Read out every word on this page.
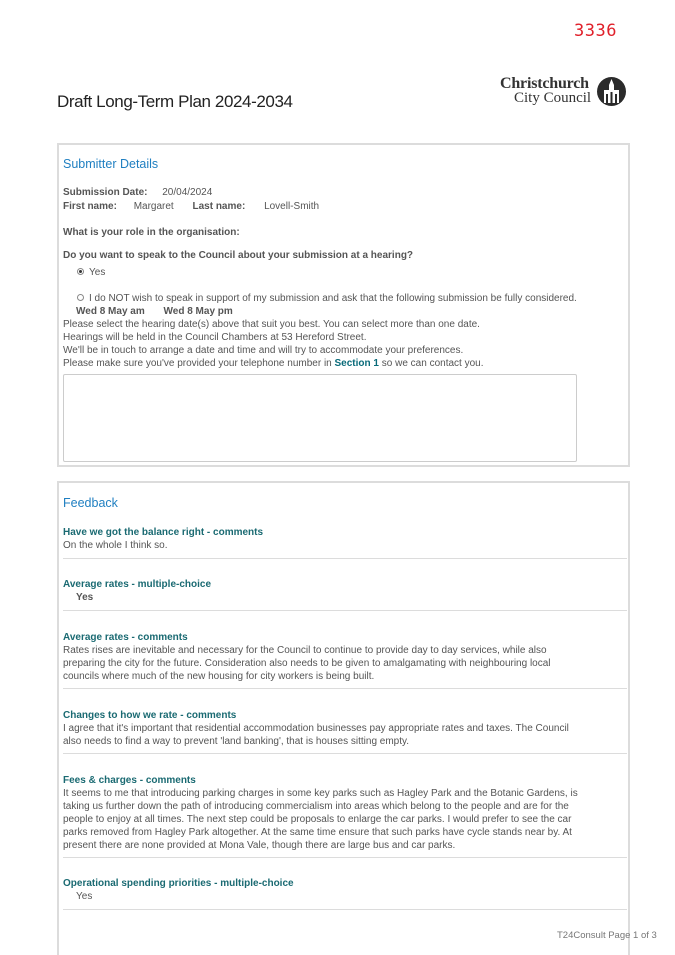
3336
Christchurch
City Council
Draft Long-Term Plan 2024-2034
Submitter Details
Submission Date: 20/04/2024
First name: Margaret Last name: Lovell-Smith
What is your role in the organisation:
Do you want to speak to the Council about your submission at a hearing?
Yes
I do NOT wish to speak in support of my submission and ask that the following submission be fully considered.
Wed 8 May am Wed 8 May pm
Please select the hearing date(s) above that suit you best. You can select more than one date.
Hearings will be held in the Council Chambers at 53 Hereford Street.
We'll be in touch to arrange a date and time and will try to accommodate your preferences.
Please make sure you've provided your telephone number in Section 1 so we can contact you.
Feedback
Have we got the balance right - comments
On the whole I think so.
Average rates - multiple-choice
Yes
Average rates - comments
Rates rises are inevitable and necessary for the Council to continue to provide day to day services, while also preparing the city for the future. Consideration also needs to be given to amalgamating with neighbouring local councils where much of the new housing for city workers is being built.
Changes to how we rate - comments
I agree that it's important that residential accommodation businesses pay appropriate rates and taxes. The Council also needs to find a way to prevent 'land banking', that is houses sitting empty.
Fees & charges - comments
It seems to me that introducing parking charges in some key parks such as Hagley Park and the Botanic Gardens, is taking us further down the path of introducing commercialism into areas which belong to the people and are for the people to enjoy at all times. The next step could be proposals to enlarge the car parks. I would prefer to see the car parks removed from Hagley Park altogether. At the same time ensure that such parks have cycle stands near by. At present there are none provided at Mona Vale, though there are large bus and car parks.
Operational spending priorities - multiple-choice
Yes
T24Consult Page 1 of 3
